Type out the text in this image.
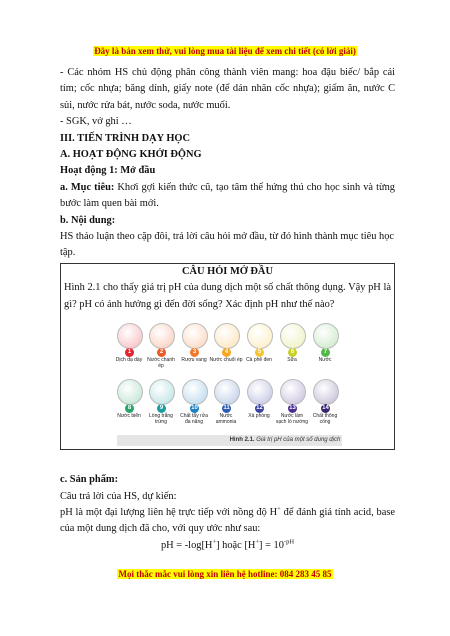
Đây là bản xem thử, vui lòng mua tài liệu để xem chi tiết (có lời giải)

- Các nhóm HS chủ động phân công thành viên mang: hoa đậu biếc/ bắp cải tím; cốc nhựa; băng dính, giấy note (để dán nhãn cốc nhựa); giấm ăn, nước C sủi, nước rửa bát, nước soda, nước muối.

- SGK, vở ghi …

III. TIẾN TRÌNH DẠY HỌC

A. HOẠT ĐỘNG KHỞI ĐỘNG

Hoạt động 1: Mở đầu

a. Mục tiêu: Khơi gợi kiến thức cũ, tạo tâm thế hứng thú cho học sinh và từng bước làm quen bài mới.

b. Nội dung:

HS thảo luận theo cặp đôi, trả lời câu hỏi mở đầu, từ đó hình thành mục tiêu học tập.

CÂU HỎI MỞ ĐẦU
Hình 2.1 cho thấy giá trị pH của dung dịch một số chất thông dụng. Vậy pH là gì? pH có ảnh hưởng gì đến đời sống? Xác định pH như thế nào?
Hình 2.1. Giá trị pH của một số dung dịch
1
Dịch dạ dày
2
Nước chanh ép
3
Rượu vang
4
Nước chuối ép
5
Cà phê đen
6
Sữa
7
Nước
8
Nước biển
9
Lòng trắng trứng
10
Chất tẩy rửa đa năng
11
Nước ammonia
12
Xà phòng
13
Nước làm sạch lò nướng
14
Chất thông cống

c. Sản phẩm:

Câu trả lời của HS, dự kiến:

pH là một đại lượng liên hệ trực tiếp với nồng độ H+ để đánh giá tính acid, base của một dung dịch đã cho, với quy ước như sau:

pH = -log[H+] hoặc $[H^+] = 10^{-pH}$

Mọi thắc mắc vui lòng xin liên hệ hotline: 084 283 45 85
